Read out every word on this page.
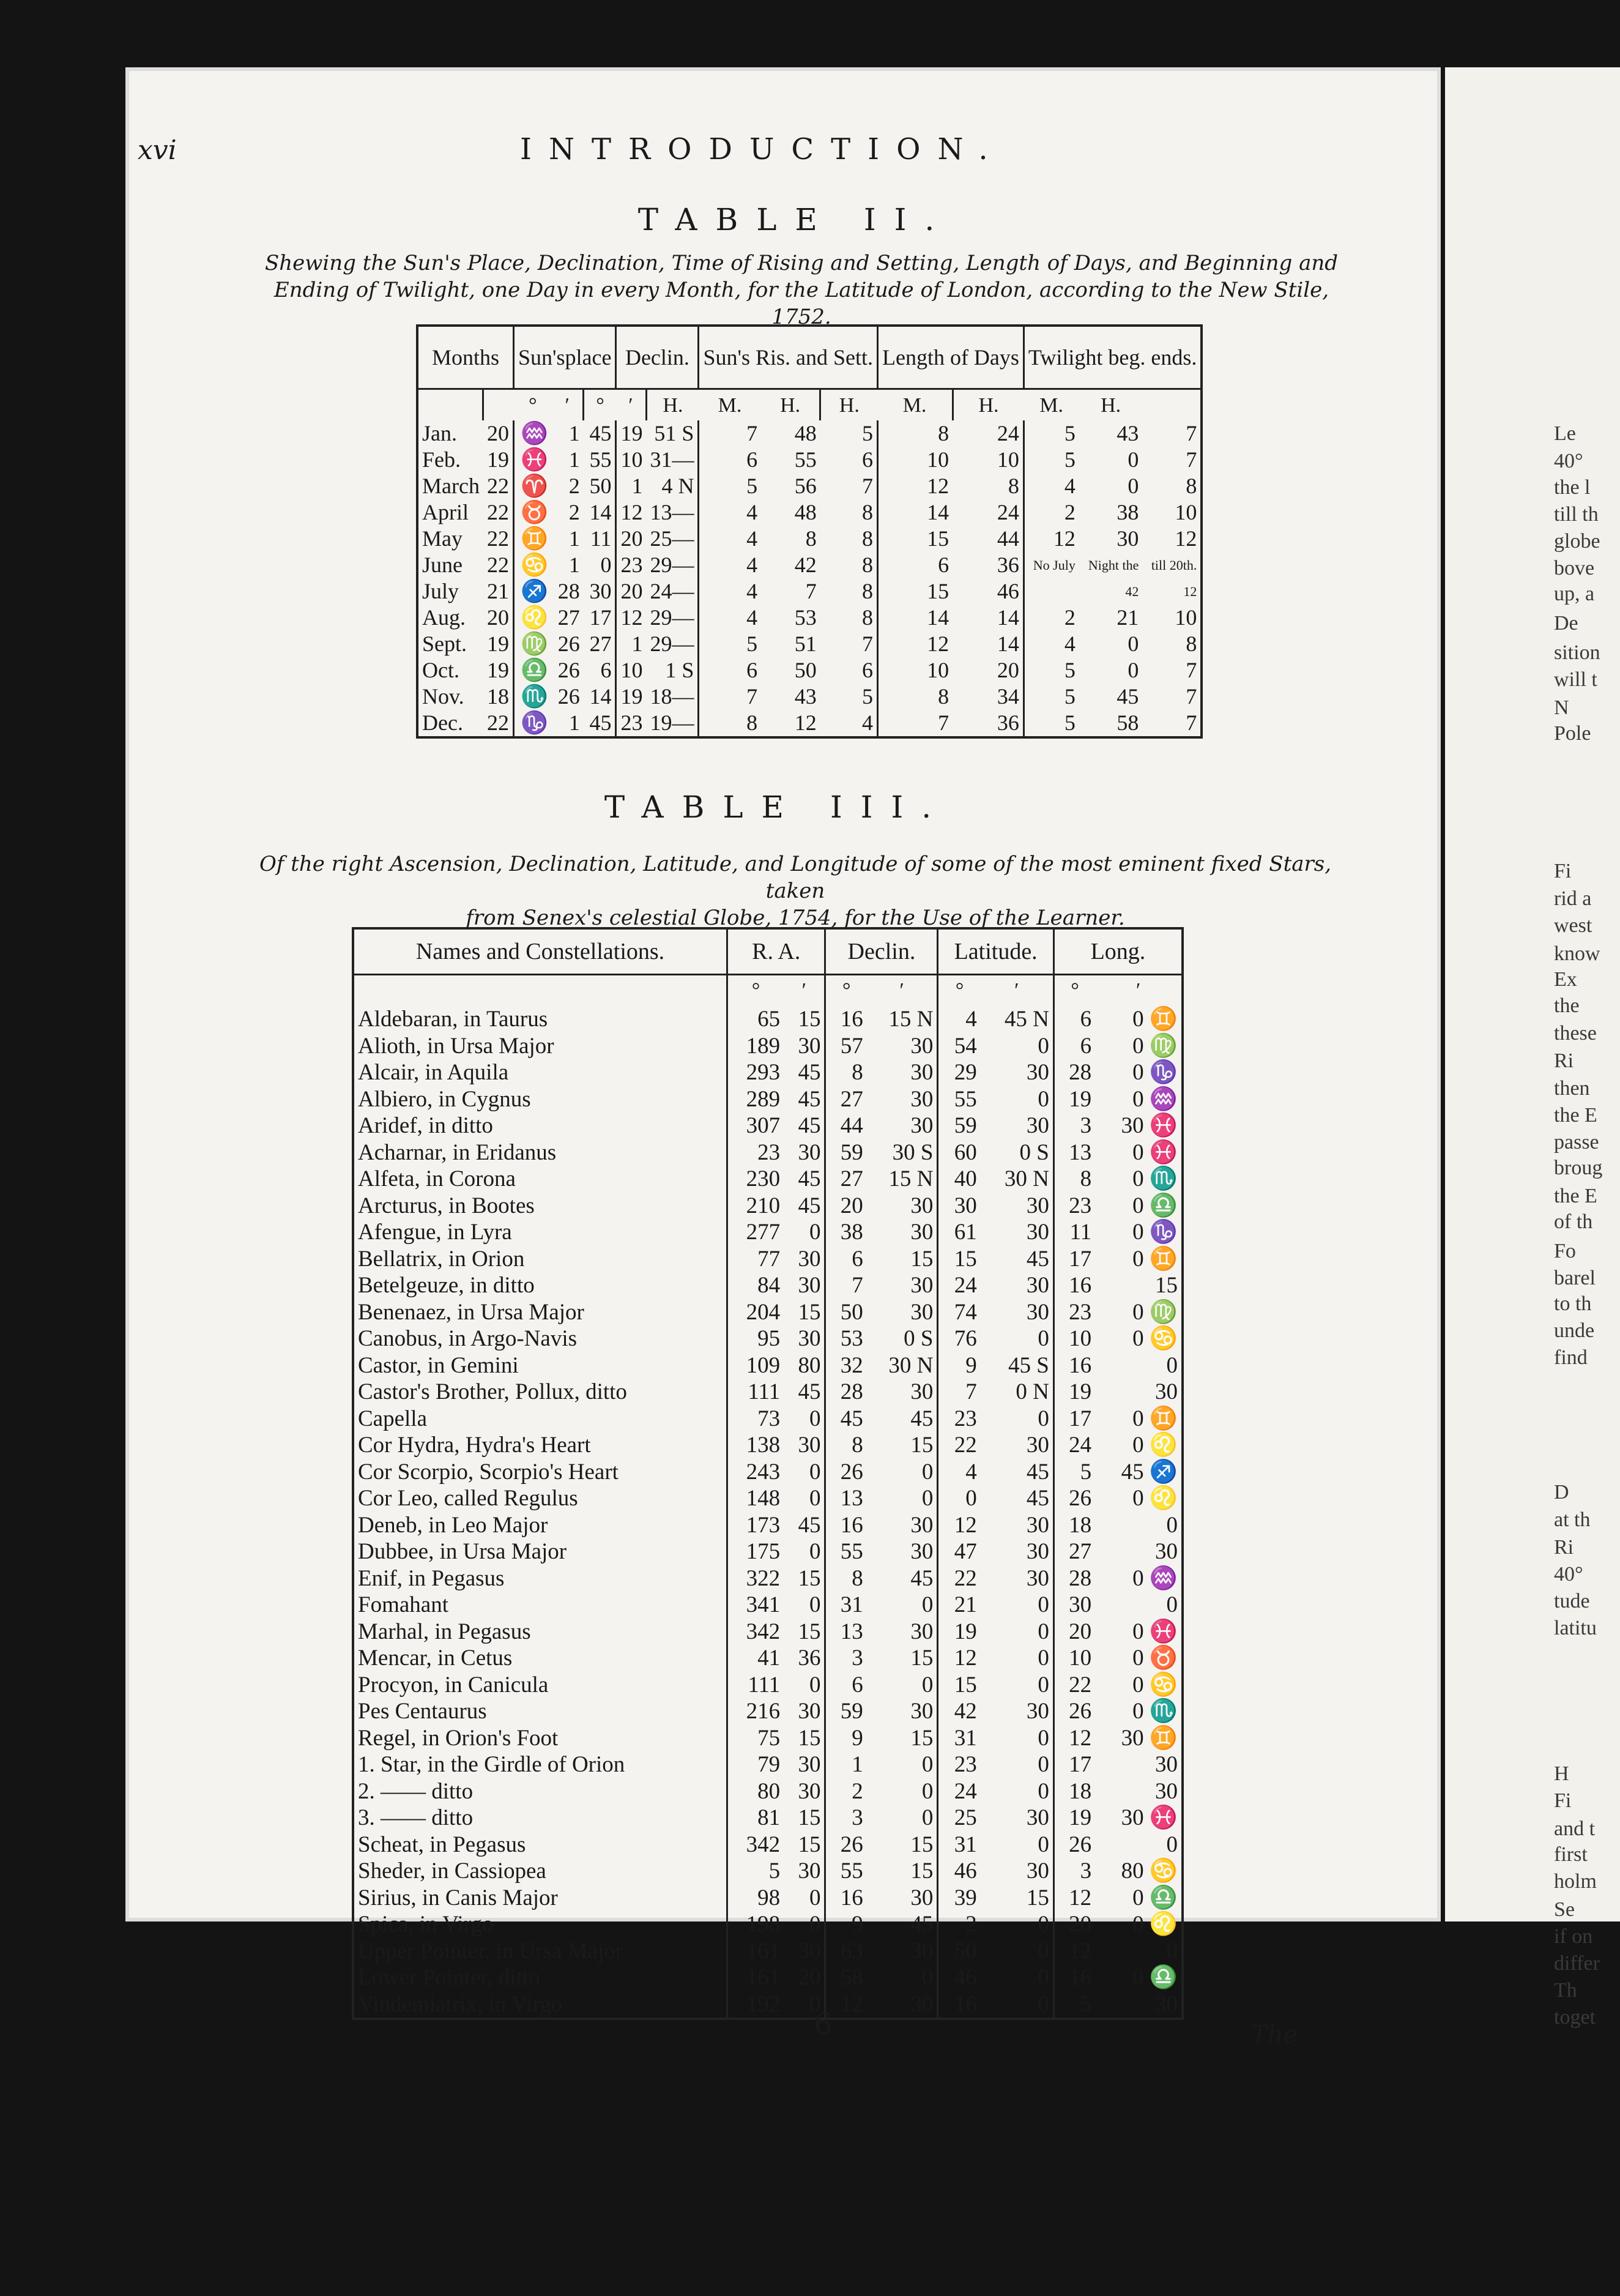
Le
40°
the l
till th
globe
bove
up, a
De
sition
will t
N
Pole
Fi
rid a
west
know
Ex
the
these
Ri
then
the E
passe
broug
the E
of th
Fo
barel
to th
unde
find
D
at th
Ri
40°
tude
latitu
H
Fi
and t
first
holm
Se
if on
differ
Th
toget
xvi	INTRODUCTION.
TABLE II.
Shewing the Sun's Place, Declination, Time of Rising and Setting, Length of Days, and Beginning and
Ending of Twilight, one Day in every Month, for the Latitude of London, according to the New Stile, 1752.
Months		Sun'splace			Declin.		Sun's Ris. and Sett.			Length of Days		Twilight beg. ends.		
		°	′	°	′	H.	M.	H.	H.	M.	H.	M.	H.	
Jan.	20	♒	1	45	19	51 S	7	48	5	8	24	5	43	7
Feb.	19	♓	1	55	10	31—	6	55	6	10	10	5	0	7
March	22	♈	2	50	1	4 N	5	56	7	12	8	4	0	8
April	22	♉	2	14	12	13—	4	48	8	14	24	2	38	10
May	22	♊	1	11	20	25—	4	8	8	15	44	12	30	12
June	22	♋	1	0	23	29—	4	42	8	6	36	No July	Night the	till 20th.
July	21	♐	28	30	20	24—	4	7	8	15	46		42	12
Aug.	20	♌	27	17	12	29—	4	53	8	14	14	2	21	10
Sept.	19	♍	26	27	1	29—	5	51	7	12	14	4	0	8
Oct.	19	♎	26	6	10	1 S	6	50	6	10	20	5	0	7
Nov.	18	♏	26	14	19	18—	7	43	5	8	34	5	45	7
Dec.	22	♑	1	45	23	19—	8	12	4	7	36	5	58	7
TABLE III.
Of the right Ascension, Declination, Latitude, and Longitude of some of the most eminent fixed Stars, taken
from Senex's celestial Globe, 1754, for the Use of the Learner.
Names and Constellations.	R. A.		Declin.		Latitude.		Long.	
	°	′	°	′	°	′	°	′
Aldebaran, in Taurus	65	15	16	15 N	4	45 N	6	0 ♊
Alioth, in Ursa Major	189	30	57	30	54	0	6	0 ♍
Alcair, in Aquila	293	45	8	30	29	30	28	0 ♑
Albiero, in Cygnus	289	45	27	30	55	0	19	0 ♒
Aridef, in ditto	307	45	44	30	59	30	3	30 ♓
Acharnar, in Eridanus	23	30	59	30 S	60	0 S	13	0 ♓
Alfeta, in Corona	230	45	27	15 N	40	30 N	8	0 ♏
Arcturus, in Bootes	210	45	20	30	30	30	23	0 ♎
Afengue, in Lyra	277	0	38	30	61	30	11	0 ♑
Bellatrix, in Orion	77	30	6	15	15	45	17	0 ♊
Betelgeuze, in ditto	84	30	7	30	24	30	16	15
Benenaez, in Ursa Major	204	15	50	30	74	30	23	0 ♍
Canobus, in Argo-Navis	95	30	53	0 S	76	0	10	0 ♋
Castor, in Gemini	109	80	32	30 N	9	45 S	16	0
Castor's Brother, Pollux, ditto	111	45	28	30	7	0 N	19	30
Capella	73	0	45	45	23	0	17	0 ♊
Cor Hydra, Hydra's Heart	138	30	8	15	22	30	24	0 ♌
Cor Scorpio, Scorpio's Heart	243	0	26	0	4	45	5	45 ♐
Cor Leo, called Regulus	148	0	13	0	0	45	26	0 ♌
Deneb, in Leo Major	173	45	16	30	12	30	18	0
Dubbee, in Ursa Major	175	0	55	30	47	30	27	30
Enif, in Pegasus	322	15	8	45	22	30	28	0 ♒
Fomahant	341	0	31	0	21	0	30	0
Marhal, in Pegasus	342	15	13	30	19	0	20	0 ♓
Mencar, in Cetus	41	36	3	15	12	0	10	0 ♉
Procyon, in Canicula	111	0	6	0	15	0	22	0 ♋
Pes Centaurus	216	30	59	30	42	30	26	0 ♏
Regel, in Orion's Foot	75	15	9	15	31	0	12	30 ♊
1. Star, in the Girdle of Orion	79	30	1	0	23	0	17	30
2. —— ditto	80	30	2	0	24	0	18	30
3. —— ditto	81	15	3	0	25	30	19	30 ♓
Scheat, in Pegasus	342	15	26	15	31	0	26	0
Sheder, in Cassiopea	5	30	55	15	46	30	3	80 ♋
Sirius, in Canis Major	98	0	16	30	39	15	12	0 ♎
Spica, in Virgo	198	0	9	45	2	0	20	0 ♌
Upper Pointer, in Ursa Major	161	30	63	30	50	0	12	0
Lower Pointer, ditto	161	20	58	0	46	0	16	0 ♎
Vindemiatrix, in Virgo	192	0	12	30	16	0	5	30
6	The
